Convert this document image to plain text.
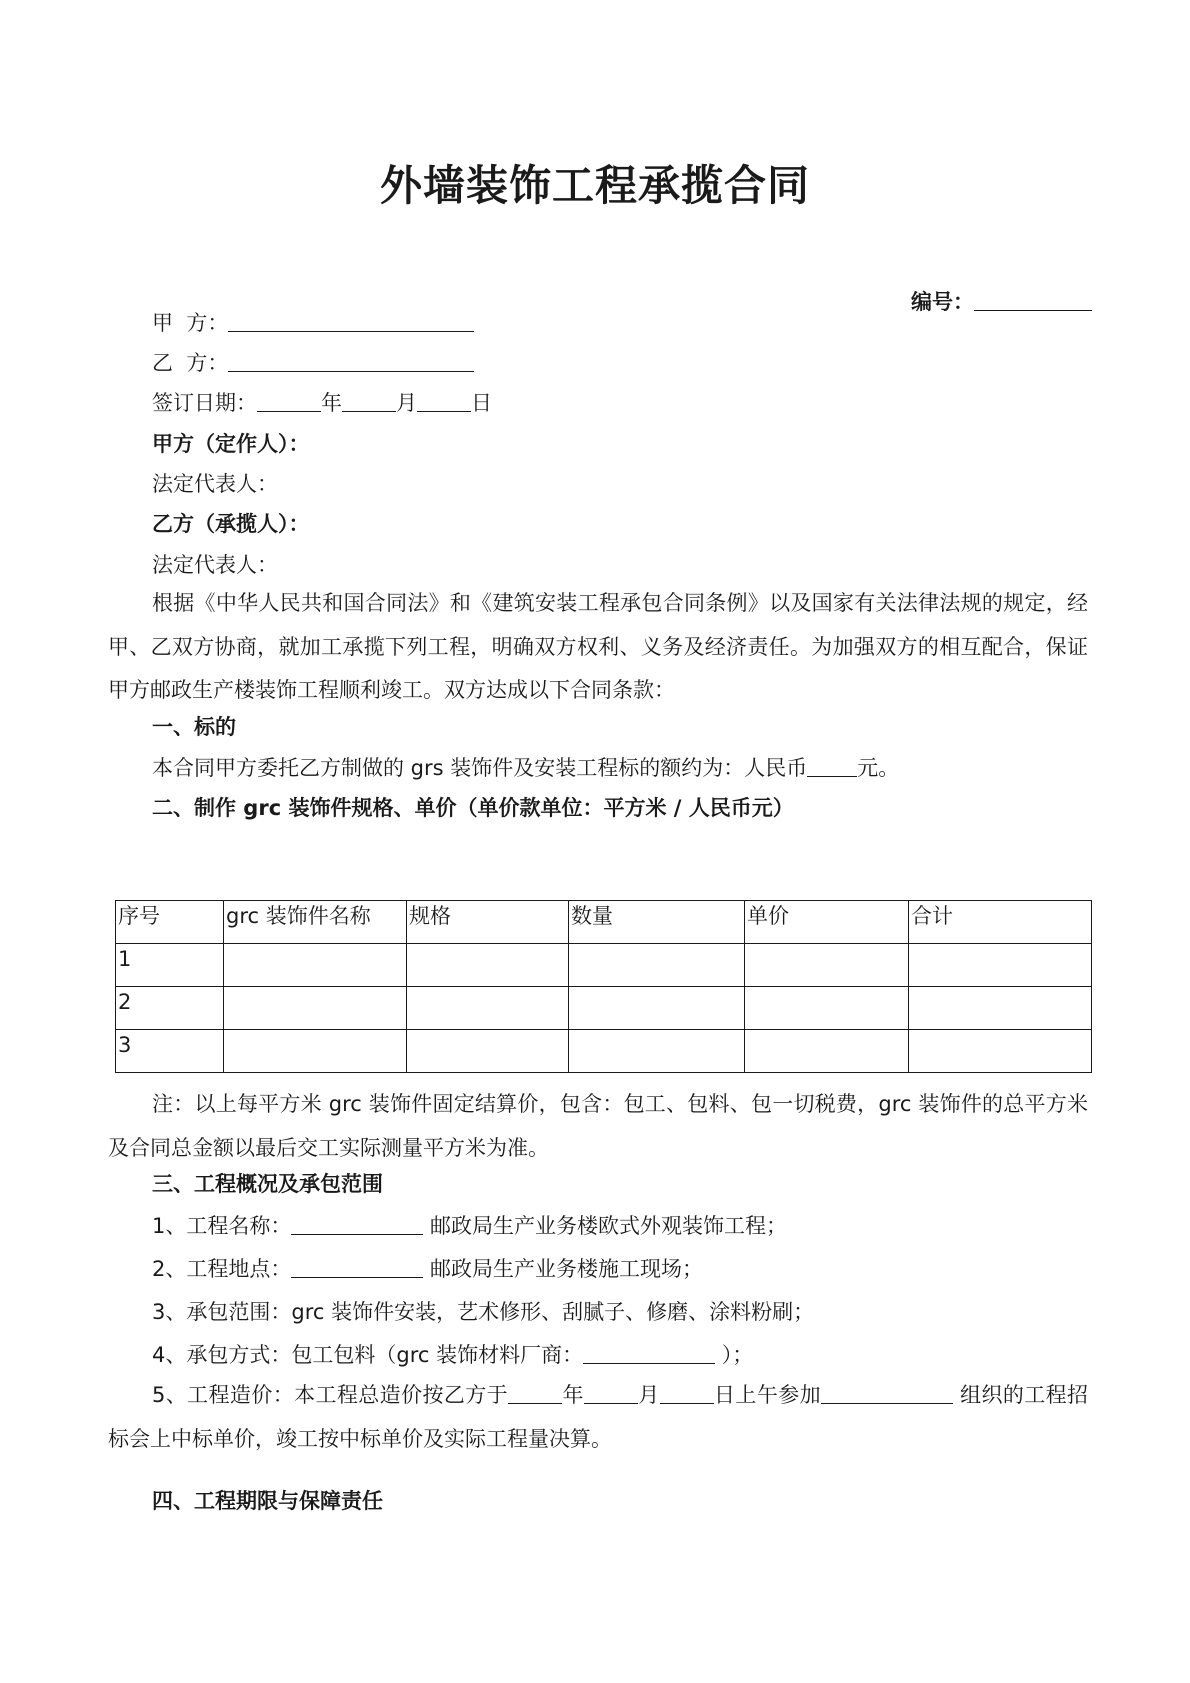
外墙装饰工程承揽合同
编号：
甲  方：
乙  方：
签订日期：	年	月	日
甲方（定作人）：
法定代表人：
乙方（承揽人）：
法定代表人：
根据《中华人民共和国合同法》和《建筑安装工程承包合同条例》以及国家有关法律法规的规定，经甲、乙双方协商，就加工承揽下列工程，明确双方权利、义务及经济责任。为加强双方的相互配合，保证甲方邮政生产楼装饰工程顺利竣工。双方达成以下合同条款：
一、标的
本合同甲方委托乙方制做的 grs 装饰件及安装工程标的额约为：人民币 元。
二、制作 grc 装饰件规格、单价（单价款单位：平方米 / 人民币元）
序号	grc 装饰件名称	规格	数量	单价	合计
1					
2					
3					
注：以上每平方米 grc 装饰件固定结算价，包含：包工、包料、包一切税费，grc 装饰件的总平方米及合同总金额以最后交工实际测量平方米为准。
三、工程概况及承包范围
1、工程名称：	邮政局生产业务楼欧式外观装饰工程；
2、工程地点：	邮政局生产业务楼施工现场；
3、承包范围：grc 装饰件安装，艺术修形、刮腻子、修磨、涂料粉刷；
4、承包方式：包工包料（grc 装饰材料厂商：	）；
5、工程造价：本工程总造价按乙方于	年	月	日上午参加	组织的工程招标会上中标单价，竣工按中标单价及实际工程量决算。
四、工程期限与保障责任
